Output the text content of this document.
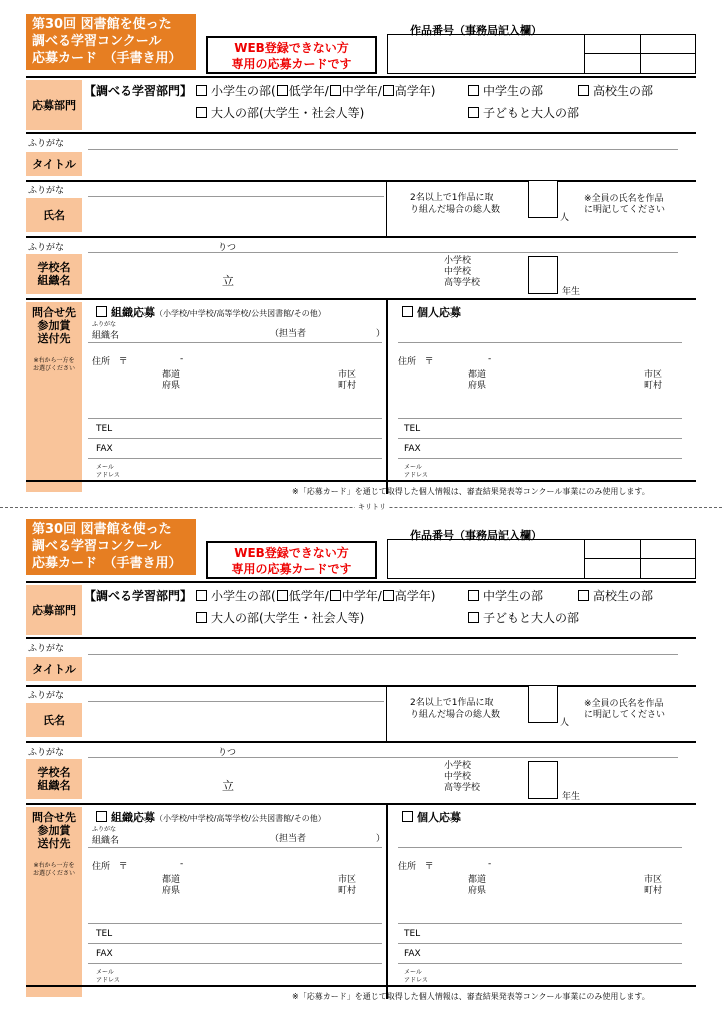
第30回 図書館を使った
調べる学習コンクール
応募カード　（手書き用）
WEB登録できない方
専用の応募カードです
作品番号（事務局記入欄）
応募部門
【調べる学習部門】	小学生の部( 低学年/ 中学年/ 高学年)	中学生の部	高校生の部
大人の部(大学生・社会人等)	子どもと大人の部
ふりがな
タイトル
ふりがな
氏名
2名以上で1作品に取
り組んだ場合の総人数
人
※全員の氏名を作品
に明記してください
ふりがな	りつ
学校名
組織名	立
小学校
中学校
高等学校
年生
問合せ先
参加賞
送付先
※右から一方を
お選びください
組織応募（小学校/中学校/高等学校/公共図書館/その他）
ふりがな
組織名	（担当者	）
住所 〒	-
都道
府県
市区
町村
TEL
FAX
メール
アドレス
個人応募
住所 〒	-
都道
府県
市区
町村
TEL
FAX
メール
アドレス
※「応募カード」を通じて取得した個人情報は、審査結果発表等コンクール事業にのみ使用します。
第30回 図書館を使った
調べる学習コンクール
応募カード　（手書き用）
WEB登録できない方
専用の応募カードです
作品番号（事務局記入欄）
応募部門
【調べる学習部門】	小学生の部( 低学年/ 中学年/ 高学年)	中学生の部	高校生の部
大人の部(大学生・社会人等)	子どもと大人の部
ふりがな
タイトル
ふりがな
氏名
2名以上で1作品に取
り組んだ場合の総人数
人
※全員の氏名を作品
に明記してください
ふりがな	りつ
学校名
組織名	立
小学校
中学校
高等学校
年生
問合せ先
参加賞
送付先
※右から一方を
お選びください
組織応募（小学校/中学校/高等学校/公共図書館/その他）
ふりがな
組織名	（担当者	）
住所 〒	-
都道
府県
市区
町村
TEL
FAX
メール
アドレス
個人応募
住所 〒	-
都道
府県
市区
町村
TEL
FAX
メール
アドレス
※「応募カード」を通じて取得した個人情報は、審査結果発表等コンクール事業にのみ使用します。
キリトリ
